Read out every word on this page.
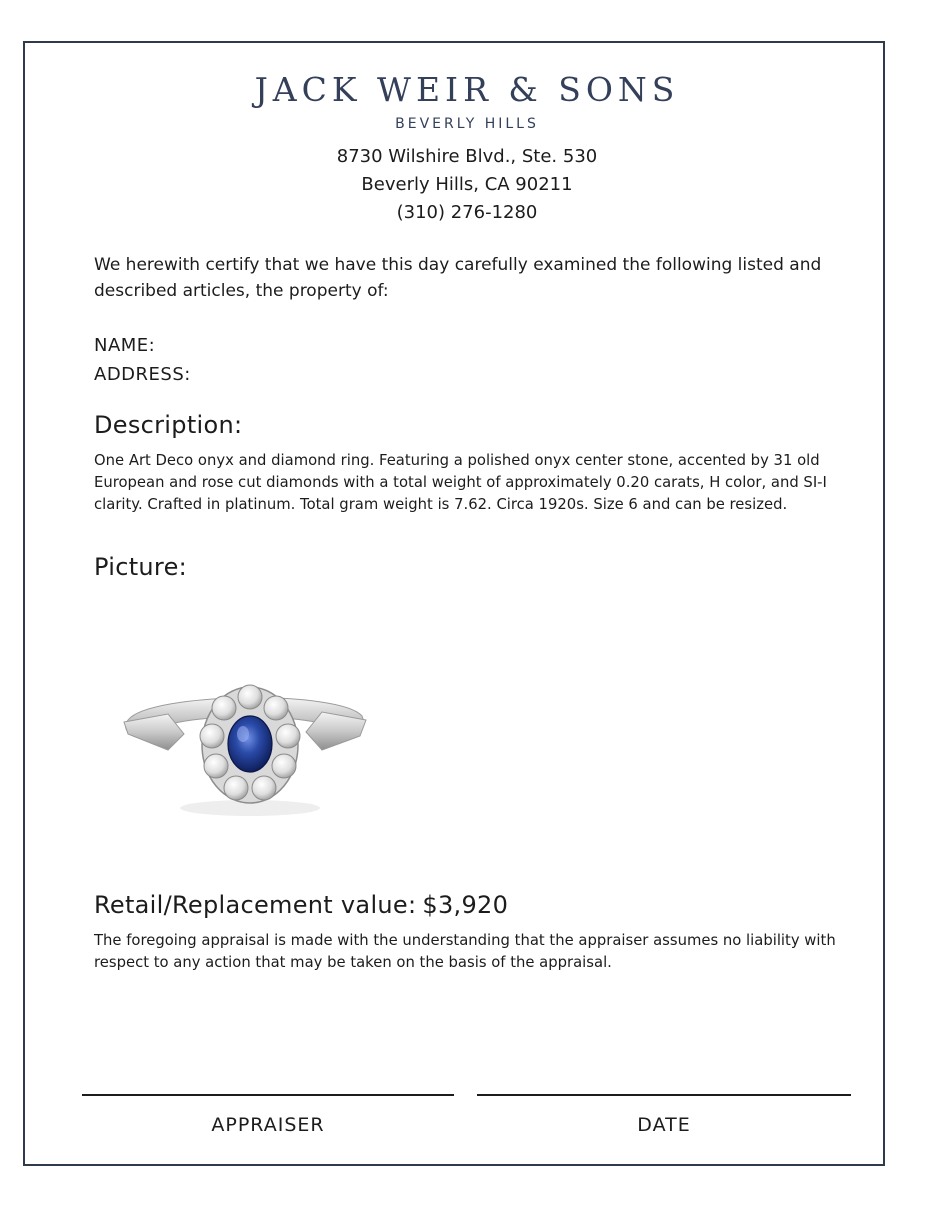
JACK WEIR & SONS
BEVERLY HILLS
8730 Wilshire Blvd., Ste. 530
Beverly Hills, CA 90211
(310) 276-1280
We herewith certify that we have this day carefully examined the following listed and described articles, the property of:
NAME:
ADDRESS:
Description:
One Art Deco onyx and diamond ring. Featuring a polished onyx center stone, accented by 31 old European and rose cut diamonds with a total weight of approximately 0.20 carats, H color, and SI-I clarity. Crafted in platinum. Total gram weight is 7.62. Circa 1920s. Size 6 and can be resized.
Picture:
Retail/Replacement value: $3,920
The foregoing appraisal is made with the understanding that the appraiser assumes no liability with respect to any action that may be taken on the basis of the appraisal.
APPRAISER	DATE
